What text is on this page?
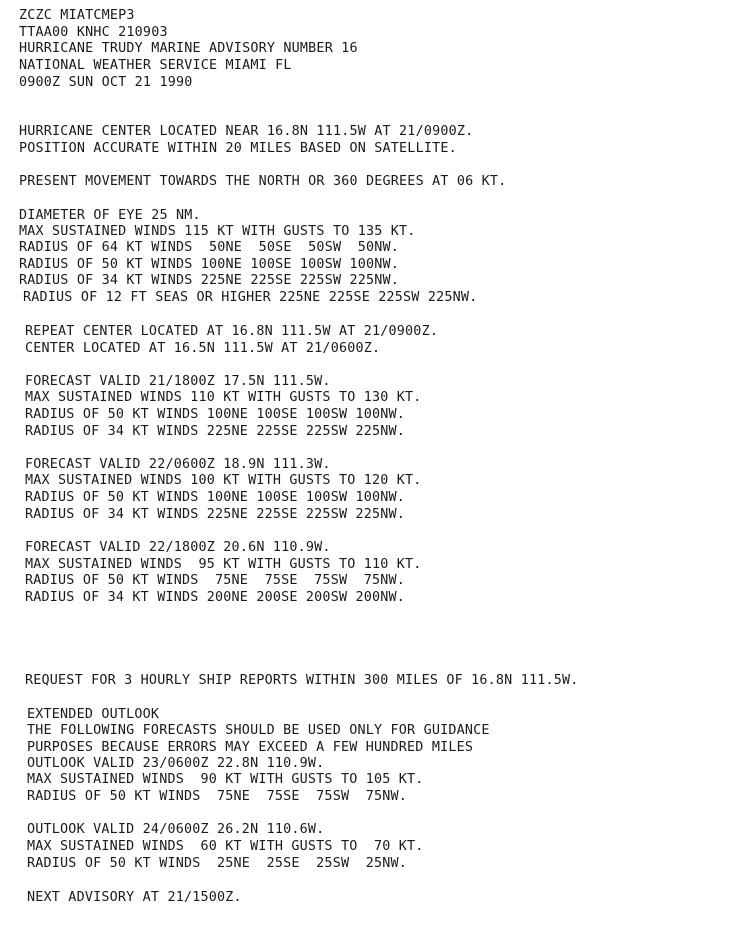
ZCZC MIATCMEP3

TTAA00 KNHC 210903

HURRICANE TRUDY MARINE ADVISORY NUMBER 16

NATIONAL WEATHER SERVICE MIAMI FL

0900Z SUN OCT 21 1990

HURRICANE CENTER LOCATED NEAR 16.8N 111.5W AT 21/0900Z.

POSITION ACCURATE WITHIN 20 MILES BASED ON SATELLITE.

PRESENT MOVEMENT TOWARDS THE NORTH OR 360 DEGREES AT 06 KT.

DIAMETER OF EYE 25 NM.

MAX SUSTAINED WINDS 115 KT WITH GUSTS TO 135 KT.

RADIUS OF 64 KT WINDS  50NE  50SE  50SW  50NW.

RADIUS OF 50 KT WINDS 100NE 100SE 100SW 100NW.

RADIUS OF 34 KT WINDS 225NE 225SE 225SW 225NW.

RADIUS OF 12 FT SEAS OR HIGHER 225NE 225SE 225SW 225NW.

REPEAT CENTER LOCATED AT 16.8N 111.5W AT 21/0900Z.

CENTER LOCATED AT 16.5N 111.5W AT 21/0600Z.

FORECAST VALID 21/1800Z 17.5N 111.5W.

MAX SUSTAINED WINDS 110 KT WITH GUSTS TO 130 KT.

RADIUS OF 50 KT WINDS 100NE 100SE 100SW 100NW.

RADIUS OF 34 KT WINDS 225NE 225SE 225SW 225NW.

FORECAST VALID 22/0600Z 18.9N 111.3W.

MAX SUSTAINED WINDS 100 KT WITH GUSTS TO 120 KT.

RADIUS OF 50 KT WINDS 100NE 100SE 100SW 100NW.

RADIUS OF 34 KT WINDS 225NE 225SE 225SW 225NW.

FORECAST VALID 22/1800Z 20.6N 110.9W.

MAX SUSTAINED WINDS  95 KT WITH GUSTS TO 110 KT.

RADIUS OF 50 KT WINDS  75NE  75SE  75SW  75NW.

RADIUS OF 34 KT WINDS 200NE 200SE 200SW 200NW.

REQUEST FOR 3 HOURLY SHIP REPORTS WITHIN 300 MILES OF 16.8N 111.5W.

EXTENDED OUTLOOK

THE FOLLOWING FORECASTS SHOULD BE USED ONLY FOR GUIDANCE

PURPOSES BECAUSE ERRORS MAY EXCEED A FEW HUNDRED MILES

OUTLOOK VALID 23/0600Z 22.8N 110.9W.

MAX SUSTAINED WINDS  90 KT WITH GUSTS TO 105 KT.

RADIUS OF 50 KT WINDS  75NE  75SE  75SW  75NW.

OUTLOOK VALID 24/0600Z 26.2N 110.6W.

MAX SUSTAINED WINDS  60 KT WITH GUSTS TO  70 KT.

RADIUS OF 50 KT WINDS  25NE  25SE  25SW  25NW.

NEXT ADVISORY AT 21/1500Z.
